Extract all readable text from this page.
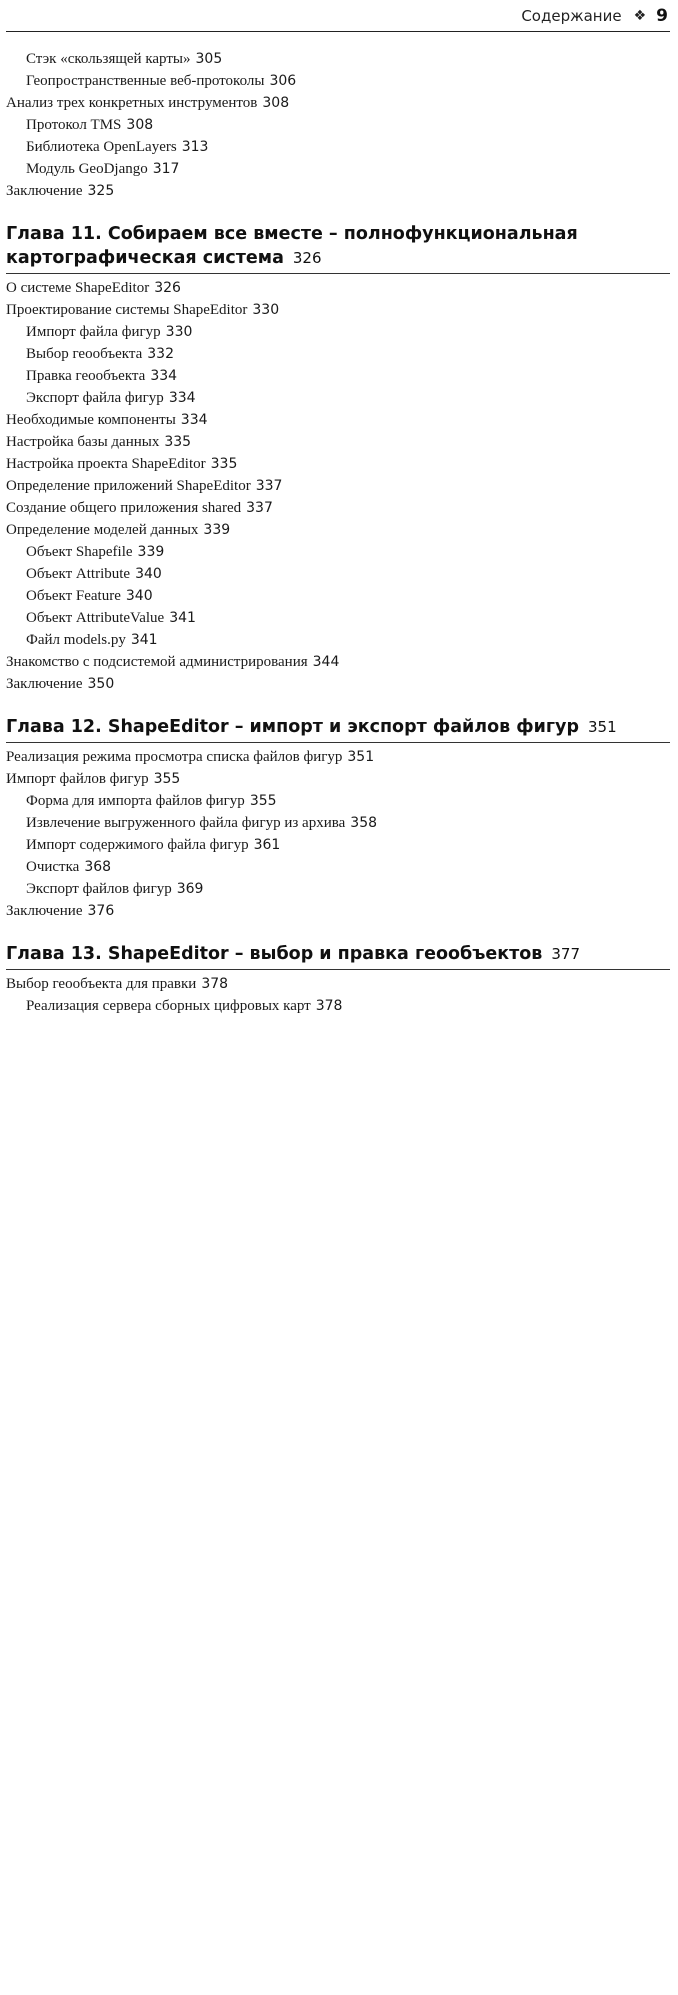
Содержание ❖ 9
Стэк «скользящей карты» 305
Геопространственные веб-протоколы 306
Анализ трех конкретных инструментов 308
Протокол TMS 308
Библиотека OpenLayers 313
Модуль GeoDjango 317
Заключение 325
Глава 11. Собираем все вместе – полнофункциональная
картографическая система 326
О системе ShapeEditor 326
Проектирование системы ShapeEditor 330
Импорт файла фигур 330
Выбор геообъекта 332
Правка геообъекта 334
Экспорт файла фигур 334
Необходимые компоненты 334
Настройка базы данных 335
Настройка проекта ShapeEditor 335
Определение приложений ShapeEditor 337
Создание общего приложения shared 337
Определение моделей данных 339
Объект Shapefile 339
Объект Attribute 340
Объект Feature 340
Объект AttributeValue 341
Файл models.py 341
Знакомство с подсистемой администрирования 344
Заключение 350
Глава 12. ShapeEditor – импорт и экспорт файлов фигур 351
Реализация режима просмотра списка файлов фигур 351
Импорт файлов фигур 355
Форма для импорта файлов фигур 355
Извлечение выгруженного файла фигур из архива 358
Импорт содержимого файла фигур 361
Очистка 368
Экспорт файлов фигур 369
Заключение 376
Глава 13. ShapeEditor – выбор и правка геообъектов 377
Выбор геообъекта для правки 378
Реализация сервера сборных цифровых карт 378
